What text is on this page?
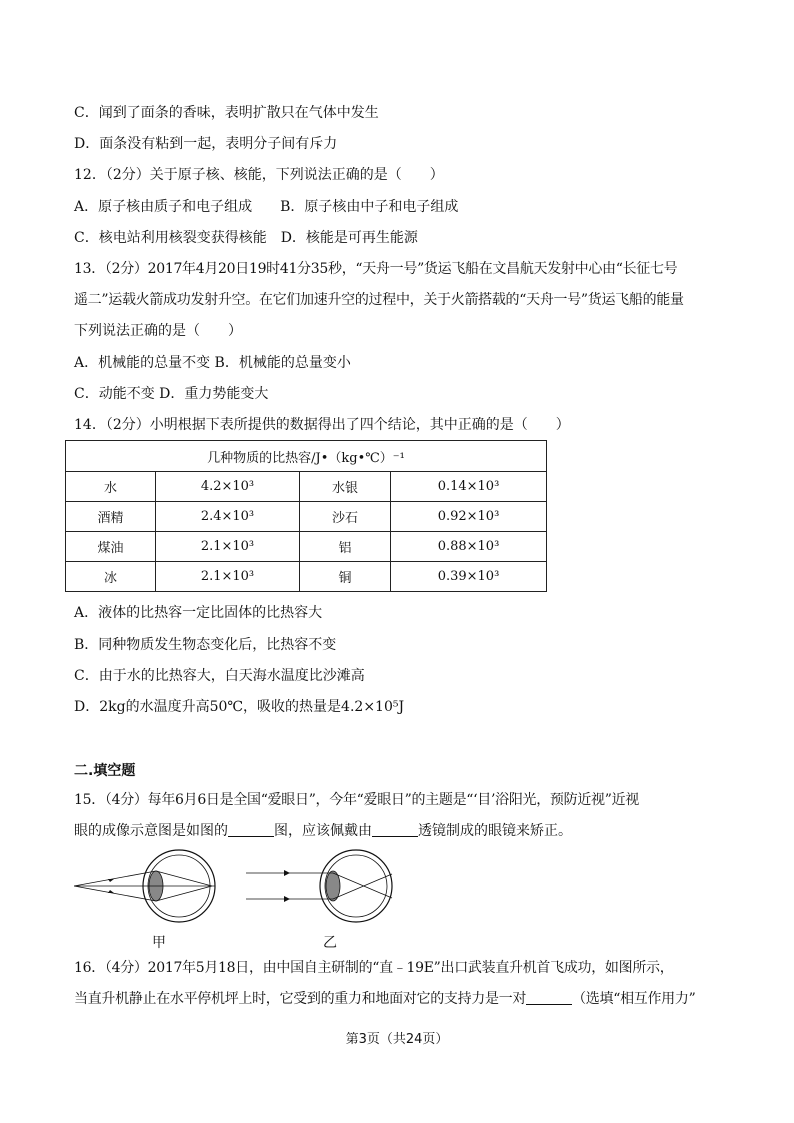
C．闻到了面条的香味，表明扩散只在气体中发生
D．面条没有粘到一起，表明分子间有斥力
12．（2分）关于原子核、核能，下列说法正确的是（　　）
A．原子核由质子和电子组成　　B．原子核由中子和电子组成
C．核电站利用核裂变获得核能　D．核能是可再生能源
13．（2分）2017年4月20日19时41分35秒，“天舟一号”货运飞船在文昌航天发射中心由“长征七号
遥二”运载火箭成功发射升空。在它们加速升空的过程中，关于火箭搭载的“天舟一号”货运飞船的能量
下列说法正确的是（　　）
A．机械能的总量不变 B．机械能的总量变小
C．动能不变 D．重力势能变大
14．（2分）小明根据下表所提供的数据得出了四个结论，其中正确的是（　　）
几种物质的比热容/J•（kg•℃）⁻¹			
水	4.2×10³	水银	0.14×10³
酒精	2.4×10³	沙石	0.92×10³
煤油	2.1×10³	铝	0.88×10³
冰	2.1×10³	铜	0.39×10³
A．液体的比热容一定比固体的比热容大
B．同种物质发生物态变化后，比热容不变
C．由于水的比热容大，白天海水温度比沙滩高
D．2kg的水温度升高50℃，吸收的热量是4.2×10⁵J
二.填空题
15．（4分）每年6月6日是全国“爱眼日”，今年“爱眼日”的主题是“‘目’浴阳光，预防近视”近视
眼的成像示意图是如图的	图，应该佩戴由	透镜制成的眼镜来矫正。
甲	乙
16．（4分）2017年5月18日，由中国自主研制的“直﹣19E”出口武装直升机首飞成功，如图所示，
当直升机静止在水平停机坪上时，它受到的重力和地面对它的支持力是一对	（选填“相互作用力”
第3页（共24页）
